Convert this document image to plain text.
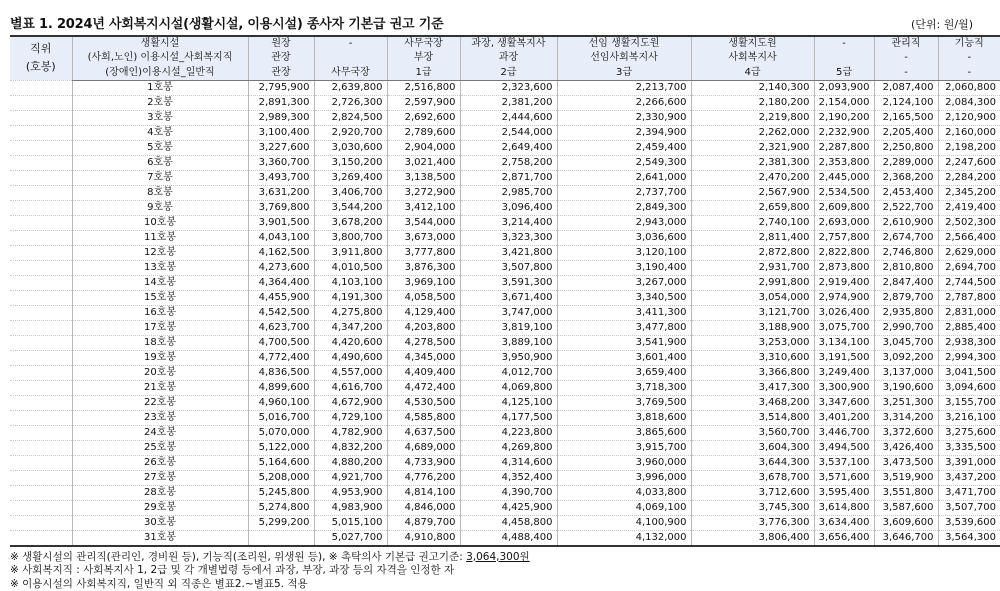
별표 1. 2024년 사회복지시설(생활시설, 이용시설) 종사자 기본급 권고 기준	(단위: 원/월)
직위
(호봉)	생활시설	원장	-	사무국장	과장, 생활복지사	선임 생활지도원	생활지도원	-	관리직	기능직
	(사회,노인) 이용시설_사회복지직	관장		부장	과장	선임사회복지사	사회복지사		-	-
	(장애인)이용시설_일반직	관장	사무국장	1급	2급	3급	4급	5급	-	-
	1호봉	2,795,900	2,639,800	2,516,800	2,323,600	2,213,700	2,140,300	2,093,900	2,087,400	2,060,800
	2호봉	2,891,300	2,726,300	2,597,900	2,381,200	2,266,600	2,180,200	2,154,000	2,124,100	2,084,300
	3호봉	2,989,300	2,824,500	2,692,600	2,444,600	2,330,900	2,219,800	2,190,200	2,165,500	2,120,900
	4호봉	3,100,400	2,920,700	2,789,600	2,544,000	2,394,900	2,262,000	2,232,900	2,205,400	2,160,000
	5호봉	3,227,600	3,030,600	2,904,000	2,649,400	2,459,400	2,321,900	2,287,800	2,250,800	2,198,200
	6호봉	3,360,700	3,150,200	3,021,400	2,758,200	2,549,300	2,381,300	2,353,800	2,289,000	2,247,600
	7호봉	3,493,700	3,269,400	3,138,500	2,871,700	2,641,000	2,470,200	2,445,000	2,368,200	2,284,200
	8호봉	3,631,200	3,406,700	3,272,900	2,985,700	2,737,700	2,567,900	2,534,500	2,453,400	2,345,200
	9호봉	3,769,800	3,544,200	3,412,100	3,096,400	2,849,300	2,659,800	2,609,800	2,522,700	2,419,400
	10호봉	3,901,500	3,678,200	3,544,000	3,214,400	2,943,000	2,740,100	2,693,000	2,610,900	2,502,300
	11호봉	4,043,100	3,800,700	3,673,000	3,323,300	3,036,600	2,811,400	2,757,800	2,674,700	2,566,400
	12호봉	4,162,500	3,911,800	3,777,800	3,421,800	3,120,100	2,872,800	2,822,800	2,746,800	2,629,000
	13호봉	4,273,600	4,010,500	3,876,300	3,507,800	3,190,400	2,931,700	2,873,800	2,810,800	2,694,700
	14호봉	4,364,400	4,103,100	3,969,100	3,591,300	3,267,000	2,991,800	2,919,400	2,847,400	2,744,500
	15호봉	4,455,900	4,191,300	4,058,500	3,671,400	3,340,500	3,054,000	2,974,900	2,879,700	2,787,800
	16호봉	4,542,500	4,275,800	4,129,400	3,747,000	3,411,300	3,121,700	3,026,400	2,935,800	2,831,000
	17호봉	4,623,700	4,347,200	4,203,800	3,819,100	3,477,800	3,188,900	3,075,700	2,990,700	2,885,400
	18호봉	4,700,500	4,420,600	4,278,500	3,889,100	3,541,900	3,253,000	3,134,100	3,045,700	2,938,300
	19호봉	4,772,400	4,490,600	4,345,000	3,950,900	3,601,400	3,310,600	3,191,500	3,092,200	2,994,300
	20호봉	4,836,500	4,557,000	4,409,400	4,012,700	3,659,400	3,366,800	3,249,400	3,137,000	3,041,500
	21호봉	4,899,600	4,616,700	4,472,400	4,069,800	3,718,300	3,417,300	3,300,900	3,190,600	3,094,600
	22호봉	4,960,100	4,672,900	4,530,500	4,125,100	3,769,500	3,468,200	3,347,600	3,251,300	3,155,700
	23호봉	5,016,700	4,729,100	4,585,800	4,177,500	3,818,600	3,514,800	3,401,200	3,314,200	3,216,100
	24호봉	5,070,000	4,782,900	4,637,500	4,223,800	3,865,600	3,560,700	3,446,700	3,372,600	3,275,600
	25호봉	5,122,000	4,832,200	4,689,000	4,269,800	3,915,700	3,604,300	3,494,500	3,426,400	3,335,500
	26호봉	5,164,600	4,880,200	4,733,900	4,314,600	3,960,000	3,644,300	3,537,100	3,473,500	3,391,000
	27호봉	5,208,000	4,921,700	4,776,200	4,352,400	3,996,000	3,678,700	3,571,600	3,519,900	3,437,200
	28호봉	5,245,800	4,953,900	4,814,100	4,390,700	4,033,800	3,712,600	3,595,400	3,551,800	3,471,700
	29호봉	5,274,800	4,983,900	4,846,000	4,425,900	4,069,100	3,745,300	3,614,800	3,587,600	3,507,700
	30호봉	5,299,200	5,015,100	4,879,700	4,458,800	4,100,900	3,776,300	3,634,400	3,609,600	3,539,600
	31호봉		5,027,700	4,910,800	4,488,400	4,132,000	3,806,400	3,656,400	3,646,700	3,564,300
※ 생활시설의 관리직(관리인, 경비원 등), 기능직(조리원, 위생원 등), ※ 촉탁의사 기본급 권고기준: 3,064,300원
※ 사회복지직 : 사회복지사 1, 2급 및 각 개별법령 등에서 과장, 부장, 과장 등의 자격을 인정한 자
※ 이용시설의 사회복지직, 일반직 외 직종은 별표2.~별표5. 적용
